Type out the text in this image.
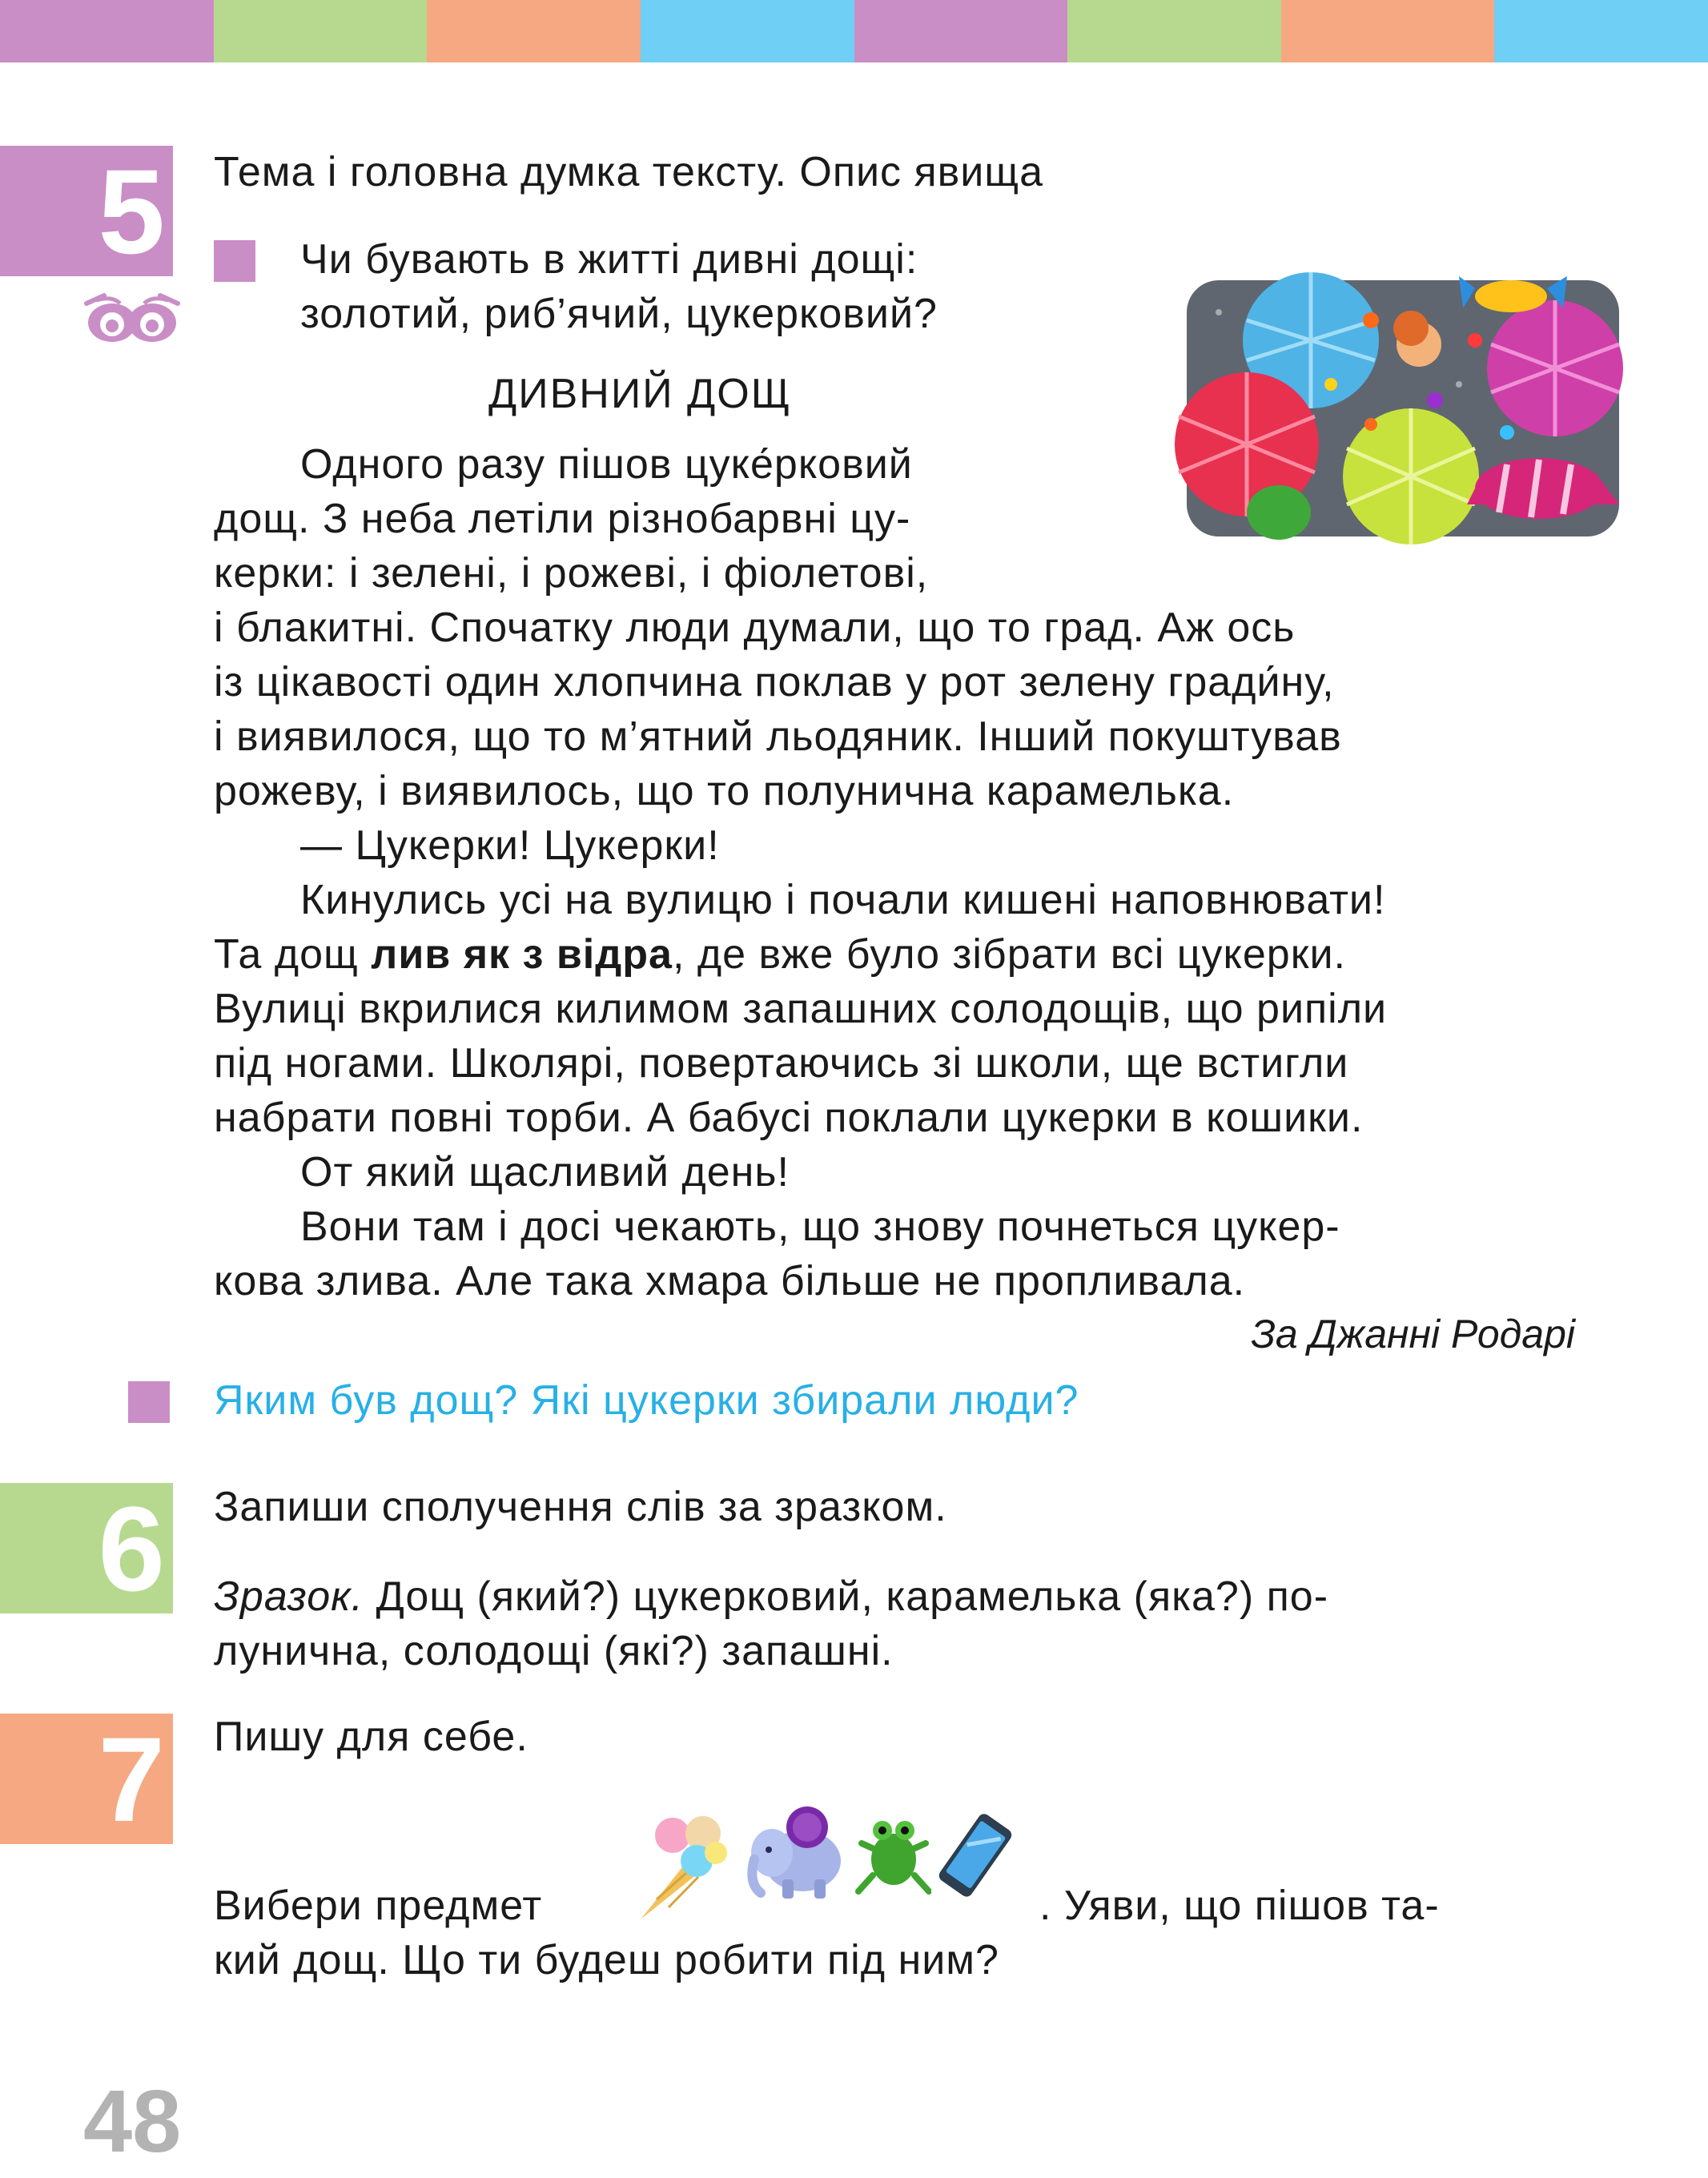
5 Тема і головна думка тексту. Опис явища
Чи бувають в житті дивні дощі:
золотий, риб’ячий, цукерковий?
ДИВНИЙ ДОЩ

Одного разу пішов цуке́рковий

дощ. З неба летіли різнобарвні цу-

керки: і зелені, і рожеві, і фіолетові,

і блакитні. Спочатку люди думали, що то град. Аж ось

із цікавості один хлопчина поклав у рот зелену гради́ну,

і виявилося, що то м’ятний льодяник. Інший покуштував

рожеву, і виявилось, що то полунична карамелька.

— Цукерки! Цукерки!

Кинулись усі на вулицю і почали кишені наповнювати!

Та дощ лив як з відра, де вже було зібрати всі цукерки.

Вулиці вкрилися килимом запашних солодощів, що рипіли

під ногами. Школярі, повертаючись зі школи, ще встигли

набрати повні торби. А бабусі поклали цукерки в кошики.

От який щасливий день!

Вони там і досі чекають, що знову почнеться цукер-

кова злива. Але така хмара більше не пропливала.

За Джанні Родарі
Яким був дощ? Які цукерки збирали люди?
6 Запиши сполучення слів за зразком.

Зразок. Дощ (який?) цукерковий, карамелька (яка?) по-

лунична, солодощі (які?) запашні.

7 Пишу для себе.
Вибери предмет	. Уяви, що пішов та-
кий дощ. Що ти будеш робити під ним?
48
